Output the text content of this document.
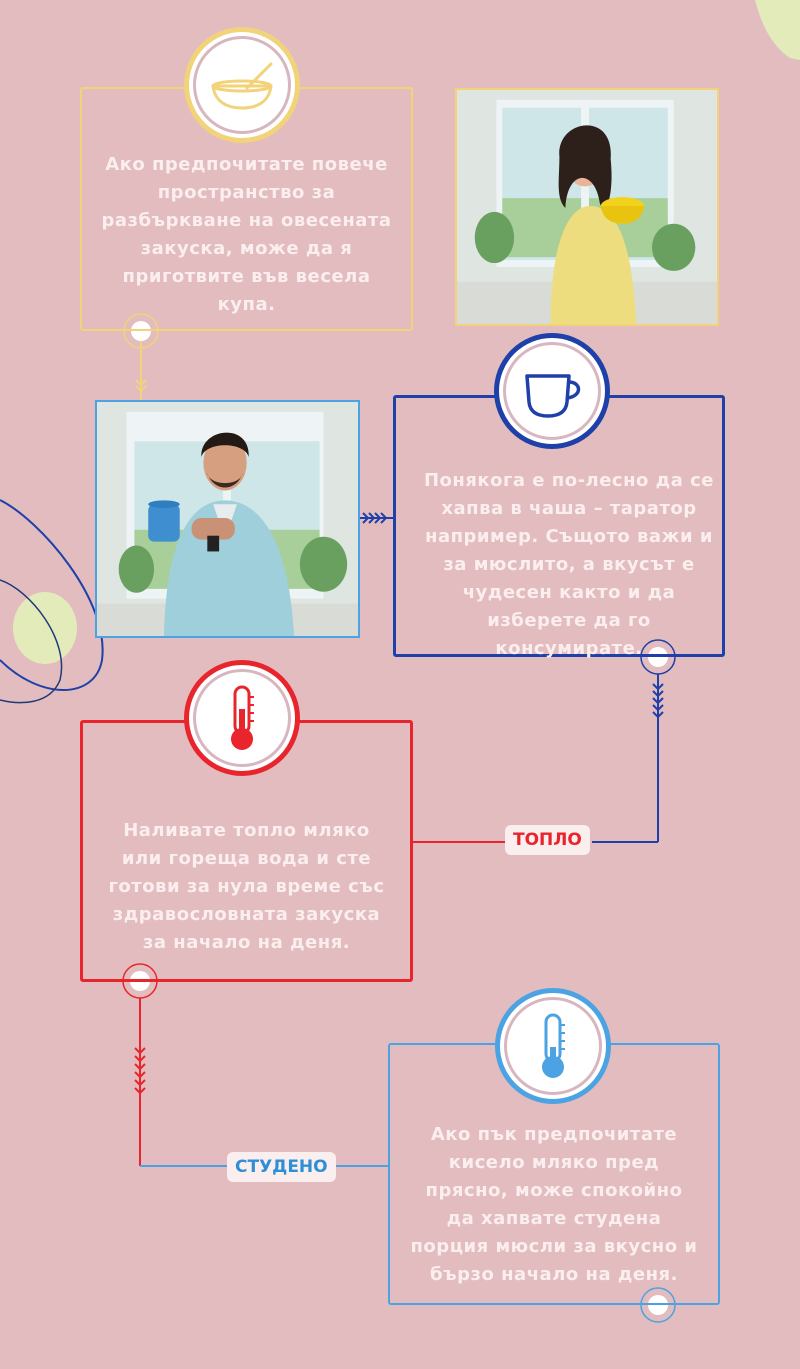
Ако предпочитате повече пространство за разбъркване на овесената закуска, може да я приготвите във весела купа.
Понякога е по-лесно да се хапва в чаша – таратор например. Същото важи и за мюслито, а вкусът е чудесен както и да изберете да го консумирате.
Наливате топло мляко или гореща вода и сте готови за нула време със здравословната закуска за начало на деня.
Ако пък предпочитате кисело мляко пред прясно, може спокойно да хапвате студена порция мюсли за вкусно и бързо начало на деня.
ТОПЛО
СТУДЕНО
